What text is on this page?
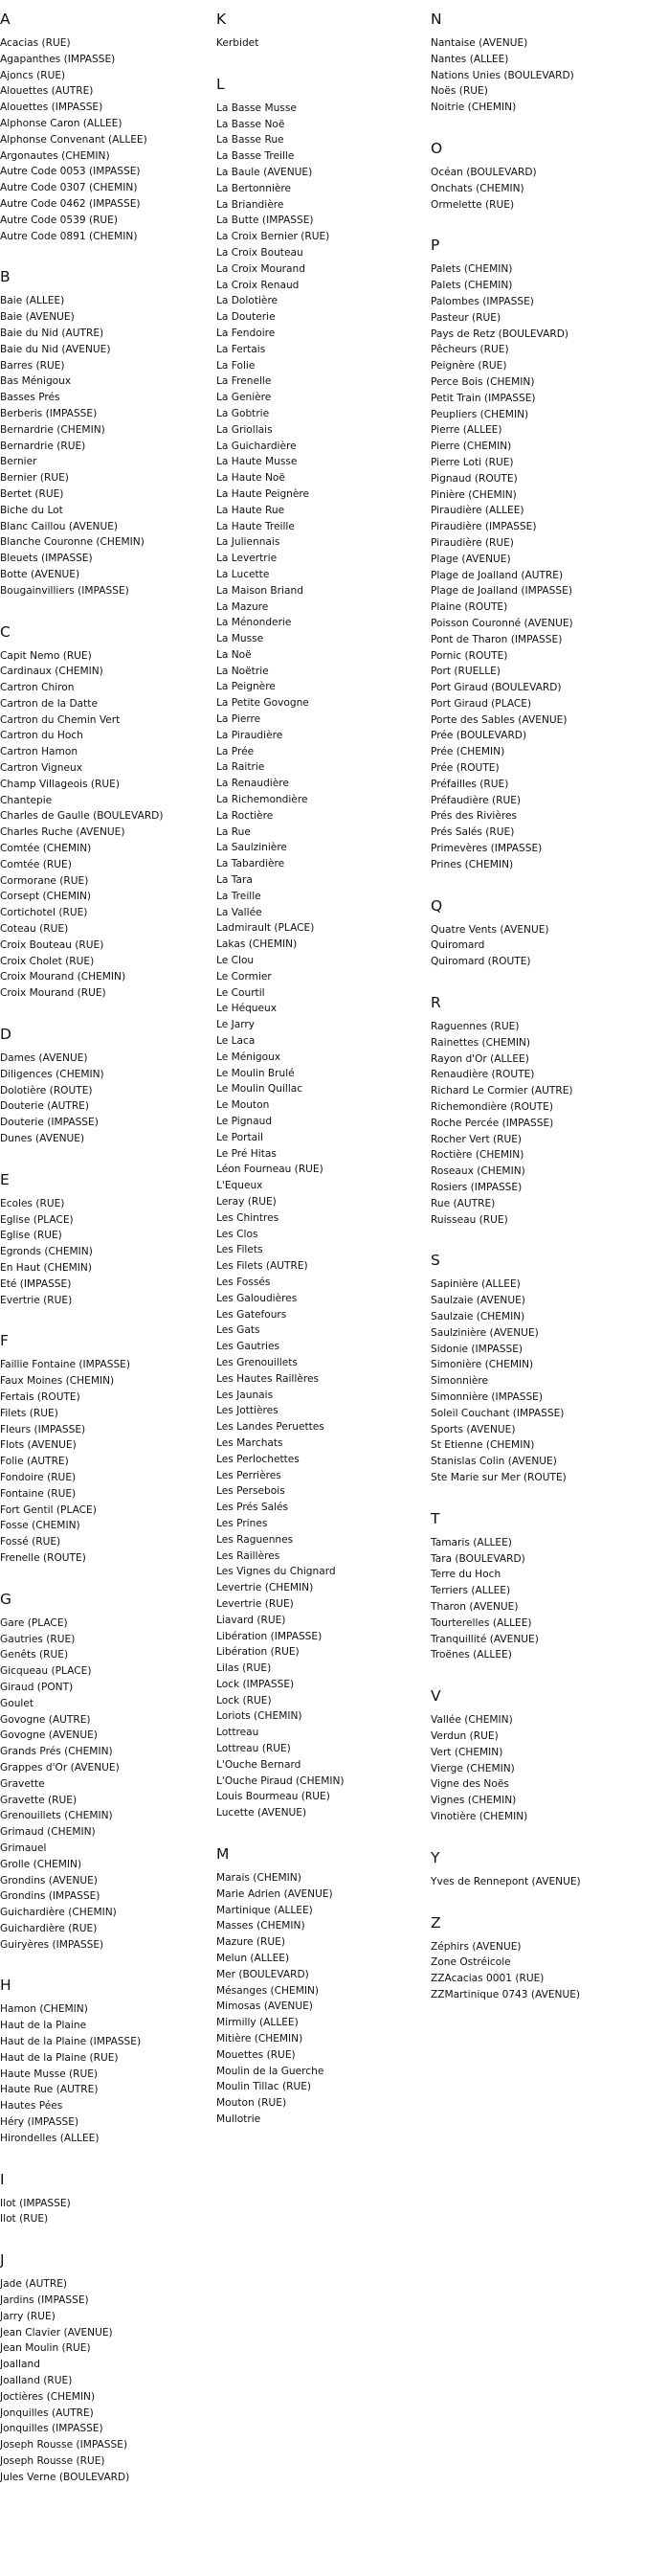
A
Acacias (RUE)
Agapanthes (IMPASSE)
Ajoncs (RUE)
Alouettes (AUTRE)
Alouettes (IMPASSE)
Alphonse Caron (ALLEE)
Alphonse Convenant (ALLEE)
Argonautes (CHEMIN)
Autre Code 0053 (IMPASSE)
Autre Code 0307 (CHEMIN)
Autre Code 0462 (IMPASSE)
Autre Code 0539 (RUE)
Autre Code 0891 (CHEMIN)
B
Baie (ALLEE)
Baie (AVENUE)
Baie du Nid (AUTRE)
Baie du Nid (AVENUE)
Barres (RUE)
Bas Ménigoux
Basses Prés
Berberis (IMPASSE)
Bernardrie (CHEMIN)
Bernardrie (RUE)
Bernier
Bernier (RUE)
Bertet (RUE)
Biche du Lot
Blanc Caillou (AVENUE)
Blanche Couronne (CHEMIN)
Bleuets (IMPASSE)
Botte (AVENUE)
Bougainvilliers (IMPASSE)
C
Capit Nemo (RUE)
Cardinaux (CHEMIN)
Cartron Chiron
Cartron de la Datte
Cartron du Chemin Vert
Cartron du Hoch
Cartron Hamon
Cartron Vigneux
Champ Villageois (RUE)
Chantepie
Charles de Gaulle (BOULEVARD)
Charles Ruche (AVENUE)
Comtée (CHEMIN)
Comtée (RUE)
Cormorane (RUE)
Corsept (CHEMIN)
Cortichotel (RUE)
Coteau (RUE)
Croix Bouteau (RUE)
Croix Cholet (RUE)
Croix Mourand (CHEMIN)
Croix Mourand (RUE)
D
Dames (AVENUE)
Diligences (CHEMIN)
Dolotière (ROUTE)
Douterie (AUTRE)
Douterie (IMPASSE)
Dunes (AVENUE)
E
Ecoles (RUE)
Eglise (PLACE)
Eglise (RUE)
Egronds (CHEMIN)
En Haut (CHEMIN)
Eté (IMPASSE)
Evertrie (RUE)
F
Faillie Fontaine (IMPASSE)
Faux Moines (CHEMIN)
Fertais (ROUTE)
Filets (RUE)
Fleurs (IMPASSE)
Flots (AVENUE)
Folie (AUTRE)
Fondoire (RUE)
Fontaine (RUE)
Fort Gentil (PLACE)
Fosse (CHEMIN)
Fossé (RUE)
Frenelle (ROUTE)
G
Gare (PLACE)
Gautries (RUE)
Genêts (RUE)
Gicqueau (PLACE)
Giraud (PONT)
Goulet
Govogne (AUTRE)
Govogne (AVENUE)
Grands Prés (CHEMIN)
Grappes d'Or (AVENUE)
Gravette
Gravette (RUE)
Grenouillets (CHEMIN)
Grimaud (CHEMIN)
Grimauel
Grolle (CHEMIN)
Grondins (AVENUE)
Grondins (IMPASSE)
Guichardière (CHEMIN)
Guichardière (RUE)
Guiryères (IMPASSE)
H
Hamon (CHEMIN)
Haut de la Plaine
Haut de la Plaine (IMPASSE)
Haut de la Plaine (RUE)
Haute Musse (RUE)
Haute Rue (AUTRE)
Hautes Pées
Héry (IMPASSE)
Hirondelles (ALLEE)
I
Ilot (IMPASSE)
Ilot (RUE)
J
Jade (AUTRE)
Jardins (IMPASSE)
Jarry (RUE)
Jean Clavier (AVENUE)
Jean Moulin (RUE)
Joalland
Joalland (RUE)
Joctières (CHEMIN)
Jonquilles (AUTRE)
Jonquilles (IMPASSE)
Joseph Rousse (IMPASSE)
Joseph Rousse (RUE)
Jules Verne (BOULEVARD)
K
Kerbidet
L
La Basse Musse
La Basse Noë
La Basse Rue
La Basse Treille
La Baule (AVENUE)
La Bertonnière
La Briandière
La Butte (IMPASSE)
La Croix Bernier (RUE)
La Croix Bouteau
La Croix Mourand
La Croix Renaud
La Dolotière
La Douterie
La Fendoire
La Fertais
La Folie
La Frenelle
La Genière
La Gobtrie
La Griollais
La Guichardière
La Haute Musse
La Haute Noë
La Haute Peignère
La Haute Rue
La Haute Treille
La Juliennais
La Levertrie
La Lucette
La Maison Briand
La Mazure
La Ménonderie
La Musse
La Noë
La Noëtrie
La Peignère
La Petite Govogne
La Pierre
La Piraudière
La Prée
La Raitrie
La Renaudière
La Richemondière
La Roctière
La Rue
La Saulzinière
La Tabardière
La Tara
La Treille
La Vallée
Ladmirault (PLACE)
Lakas (CHEMIN)
Le Clou
Le Cormier
Le Courtil
Le Héqueux
Le Jarry
Le Laca
Le Ménigoux
Le Moulin Brulé
Le Moulin Quillac
Le Mouton
Le Pignaud
Le Portail
Le Pré Hitas
Léon Fourneau (RUE)
L'Equeux
Leray (RUE)
Les Chintres
Les Clos
Les Filets
Les Filets (AUTRE)
Les Fossés
Les Galoudières
Les Gatefours
Les Gats
Les Gautries
Les Grenouillets
Les Hautes Raillères
Les Jaunais
Les Jottières
Les Landes Peruettes
Les Marchats
Les Perlochettes
Les Perrières
Les Persebois
Les Prés Salés
Les Prines
Les Raguennes
Les Raillères
Les Vignes du Chignard
Levertrie (CHEMIN)
Levertrie (RUE)
Liavard (RUE)
Libération (IMPASSE)
Libération (RUE)
Lilas (RUE)
Lock (IMPASSE)
Lock (RUE)
Loriots (CHEMIN)
Lottreau
Lottreau (RUE)
L'Ouche Bernard
L'Ouche Piraud (CHEMIN)
Louis Bourmeau (RUE)
Lucette (AVENUE)
M
Marais (CHEMIN)
Marie Adrien (AVENUE)
Martinique (ALLEE)
Masses (CHEMIN)
Mazure (RUE)
Melun (ALLEE)
Mer (BOULEVARD)
Mésanges (CHEMIN)
Mimosas (AVENUE)
Mirmilly (ALLEE)
Mitière (CHEMIN)
Mouettes (RUE)
Moulin de la Guerche
Moulin Tillac (RUE)
Mouton (RUE)
Mullotrie
N
Nantaise (AVENUE)
Nantes (ALLEE)
Nations Unies (BOULEVARD)
Noës (RUE)
Noitrie (CHEMIN)
O
Océan (BOULEVARD)
Onchats (CHEMIN)
Ormelette (RUE)
P
Palets (CHEMIN)
Palets (CHEMIN)
Palombes (IMPASSE)
Pasteur (RUE)
Pays de Retz (BOULEVARD)
Pêcheurs (RUE)
Peignère (RUE)
Perce Bois (CHEMIN)
Petit Train (IMPASSE)
Peupliers (CHEMIN)
Pierre (ALLEE)
Pierre (CHEMIN)
Pierre Loti (RUE)
Pignaud (ROUTE)
Pinière (CHEMIN)
Piraudière (ALLEE)
Piraudière (IMPASSE)
Piraudière (RUE)
Plage (AVENUE)
Plage de Joalland (AUTRE)
Plage de Joalland (IMPASSE)
Plaine (ROUTE)
Poisson Couronné (AVENUE)
Pont de Tharon (IMPASSE)
Pornic (ROUTE)
Port (RUELLE)
Port Giraud (BOULEVARD)
Port Giraud (PLACE)
Porte des Sables (AVENUE)
Prée (BOULEVARD)
Prée (CHEMIN)
Prée (ROUTE)
Préfailles (RUE)
Préfaudière (RUE)
Prés des Rivières
Prés Salés (RUE)
Primevères (IMPASSE)
Prines (CHEMIN)
Q
Quatre Vents (AVENUE)
Quiromard
Quiromard (ROUTE)
R
Raguennes (RUE)
Rainettes (CHEMIN)
Rayon d'Or (ALLEE)
Renaudière (ROUTE)
Richard Le Cormier (AUTRE)
Richemondière (ROUTE)
Roche Percée (IMPASSE)
Rocher Vert (RUE)
Roctière (CHEMIN)
Roseaux (CHEMIN)
Rosiers (IMPASSE)
Rue (AUTRE)
Ruisseau (RUE)
S
Sapinière (ALLEE)
Saulzaie (AVENUE)
Saulzaie (CHEMIN)
Saulzinière (AVENUE)
Sidonie (IMPASSE)
Simonière (CHEMIN)
Simonnière
Simonnière (IMPASSE)
Soleil Couchant (IMPASSE)
Sports (AVENUE)
St Etienne (CHEMIN)
Stanislas Colin (AVENUE)
Ste Marie sur Mer (ROUTE)
T
Tamaris (ALLEE)
Tara (BOULEVARD)
Terre du Hoch
Terriers (ALLEE)
Tharon (AVENUE)
Tourterelles (ALLEE)
Tranquillité (AVENUE)
Troënes (ALLEE)
V
Vallée (CHEMIN)
Verdun (RUE)
Vert (CHEMIN)
Vierge (CHEMIN)
Vigne des Noës
Vignes (CHEMIN)
Vinotière (CHEMIN)
Y
Yves de Rennepont (AVENUE)
Z
Zéphirs (AVENUE)
Zone Ostréicole
ZZAcacias 0001 (RUE)
ZZMartinique 0743 (AVENUE)
